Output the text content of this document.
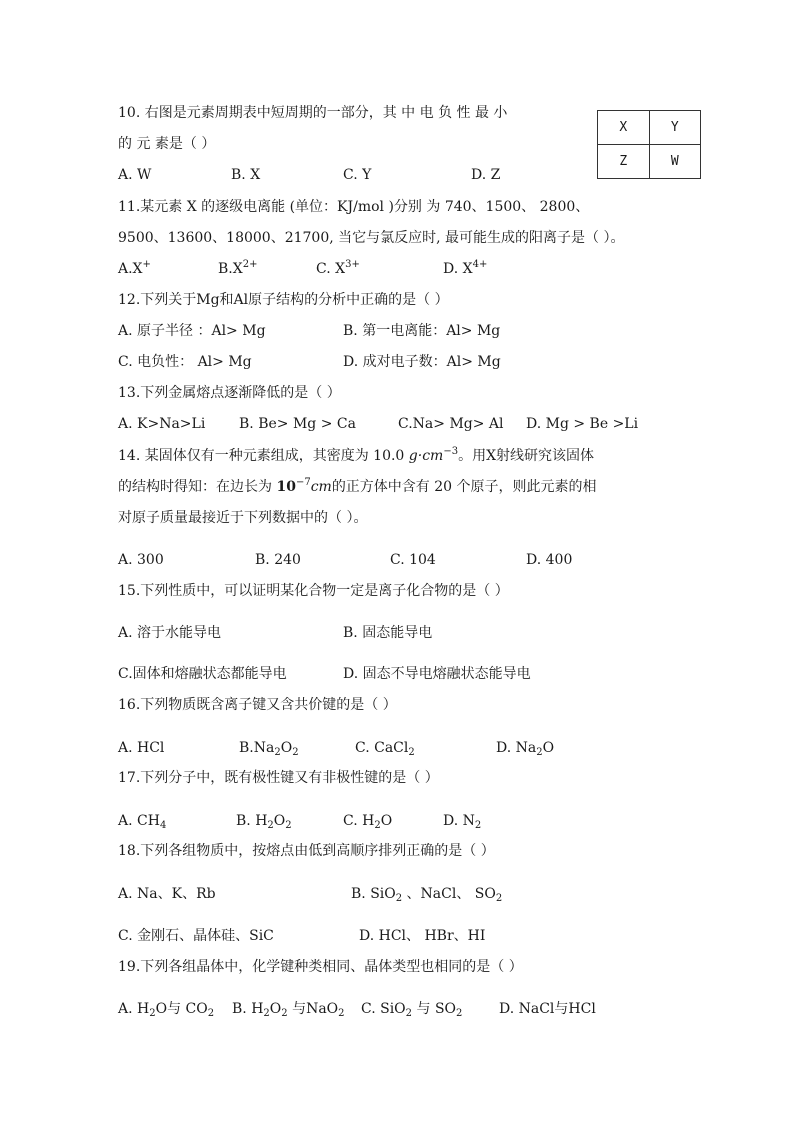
10. 右图是元素周期表中短周期的一部分，其 中 电 负 性 最 小
的 元 素是（ ）
A. W	B. X	C. Y	D. Z
X	Y
Z	W
11.某元素 X 的逐级电离能 (单位：KJ/mol )分别 为 740、1500、 2800、
9500、13600、18000、21700, 当它与氯反应时, 最可能生成的阳离子是（ ）。
A.X+	$B.X^{2+}$	C. $X^{3+}$	D. $X^{4+}$
12.下列关于Mg和Al原子结构的分析中正确的是（ ）
A. 原子半径 ：Al> Mg	B. 第一电离能：Al> Mg
C. 电负性： Al> Mg	D. 成对电子数：Al> Mg
13.下列金属熔点逐渐降低的是（ ）
A. K>Na>Li B. Be> Mg > Ca	C.Na> Mg> Al D. Mg > Be >Li
14. 某固体仅有一种元素组成，其密度为 10.0 $g\cdot cm^{-3}$。用X射线研究该固体
的结构时得知：在边长为 $10^{-7}cm$的正方体中含有 20 个原子，则此元素的相
对原子质量最接近于下列数据中的（ ）。
A. 300	B. 240	C. 104	D. 400
15.下列性质中，可以证明某化合物一定是离子化合物的是（ ）
A. 溶于水能导电	B. 固态能导电
C.固体和熔融状态都能导电	D. 固态不导电熔融状态能导电
16.下列物质既含离子键又含共价键的是（ ）
A. HCl	$B.Na_2O_2$	C. CaCl$_2$	D. $Na_2O$
17.下列分子中，既有极性键又有非极性键的是（ ）
A. $CH_4$	B. $H_2O_2$	C. $H_2O$	D. $N_2$
18.下列各组物质中，按熔点由低到高顺序排列正确的是（ ）
A. Na、K、Rb	B. SiO$_2$ 、NaCl、 $SO_2$
C. 金刚石、晶体硅、SiC	D. HCl、 HBr、HI
19.下列各组晶体中，化学键种类相同、晶体类型也相同的是（ ）
A. $H_2O$与 $CO_2$ B. $H_2O_2$ 与NaO$_2$ C. SiO$_2$ 与 $SO_2$	D. NaCl与HCl
